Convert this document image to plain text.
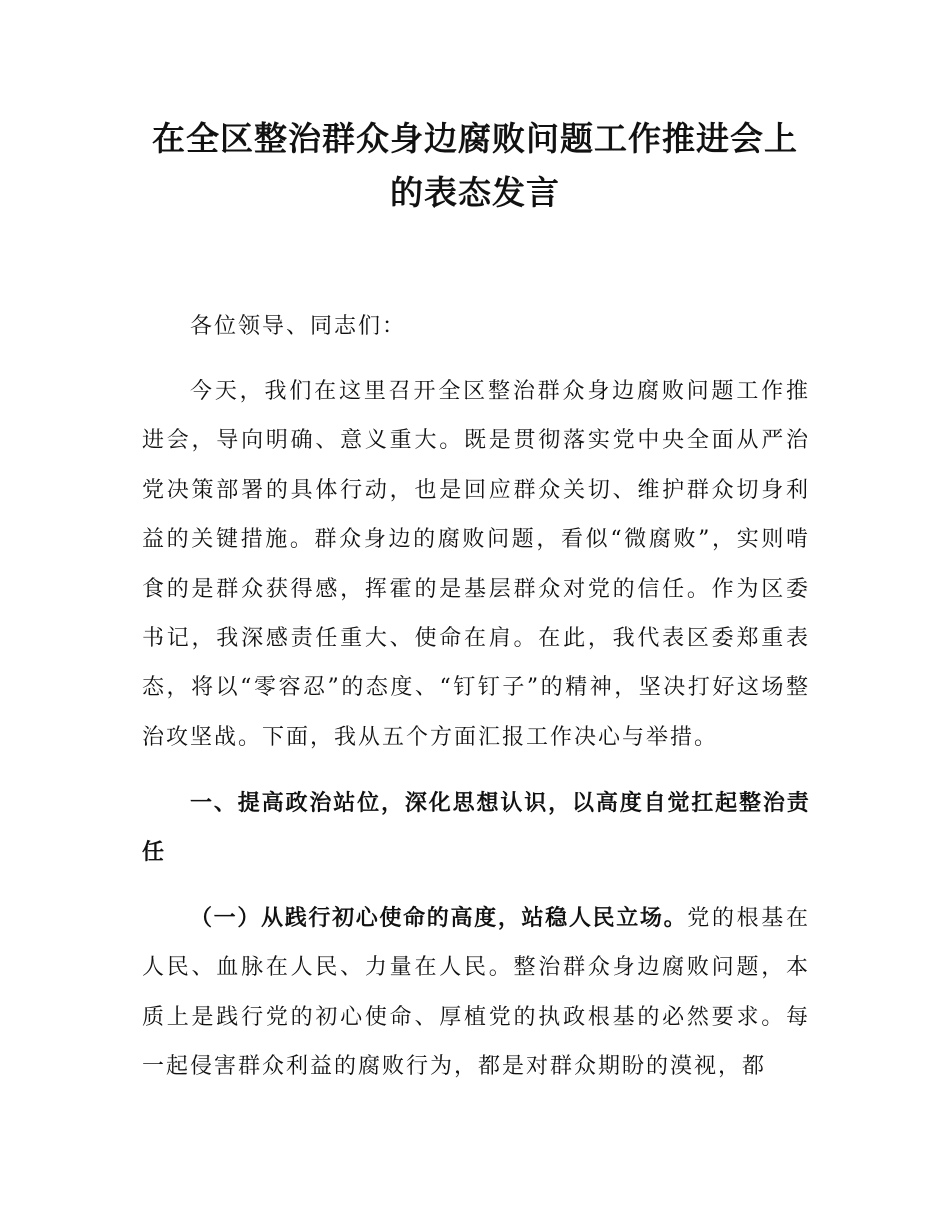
在全区整治群众身边腐败问题工作推进会上的表态发言
各位领导、同志们：
今天，我们在这里召开全区整治群众身边腐败问题工作推进会，导向明确、意义重大。既是贯彻落实党中央全面从严治党决策部署的具体行动，也是回应群众关切、维护群众切身利益的关键措施。群众身边的腐败问题，看似“微腐败”，实则啃食的是群众获得感，挥霍的是基层群众对党的信任。作为区委书记，我深感责任重大、使命在肩。在此，我代表区委郑重表态，将以“零容忍”的态度、“钉钉子”的精神，坚决打好这场整治攻坚战。下面，我从五个方面汇报工作决心与举措。
一、提高政治站位，深化思想认识，以高度自觉扛起整治责任
（一）从践行初心使命的高度，站稳人民立场。党的根基在人民、血脉在人民、力量在人民。整治群众身边腐败问题，本质上是践行党的初心使命、厚植党的执政根基的必然要求。每一起侵害群众利益的腐败行为，都是对群众期盼的漠视，都
